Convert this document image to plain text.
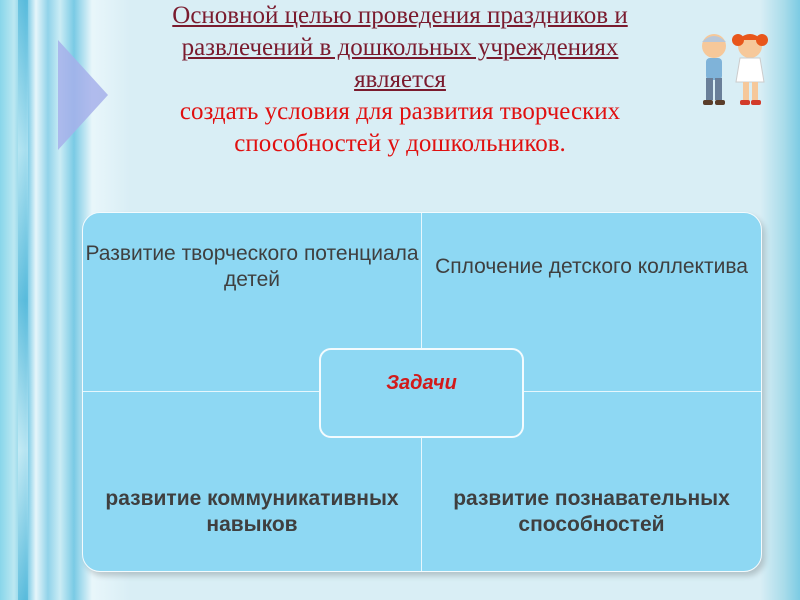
Основной целью проведения праздников и
развлечений в дошкольных учреждениях
является
создать условия для развития творческих
способностей у дошкольников.
Развитие творческого потенциала детей
Сплочение детского коллектива
развитие коммуникативных навыков
развитие познавательных способностей
Задачи
